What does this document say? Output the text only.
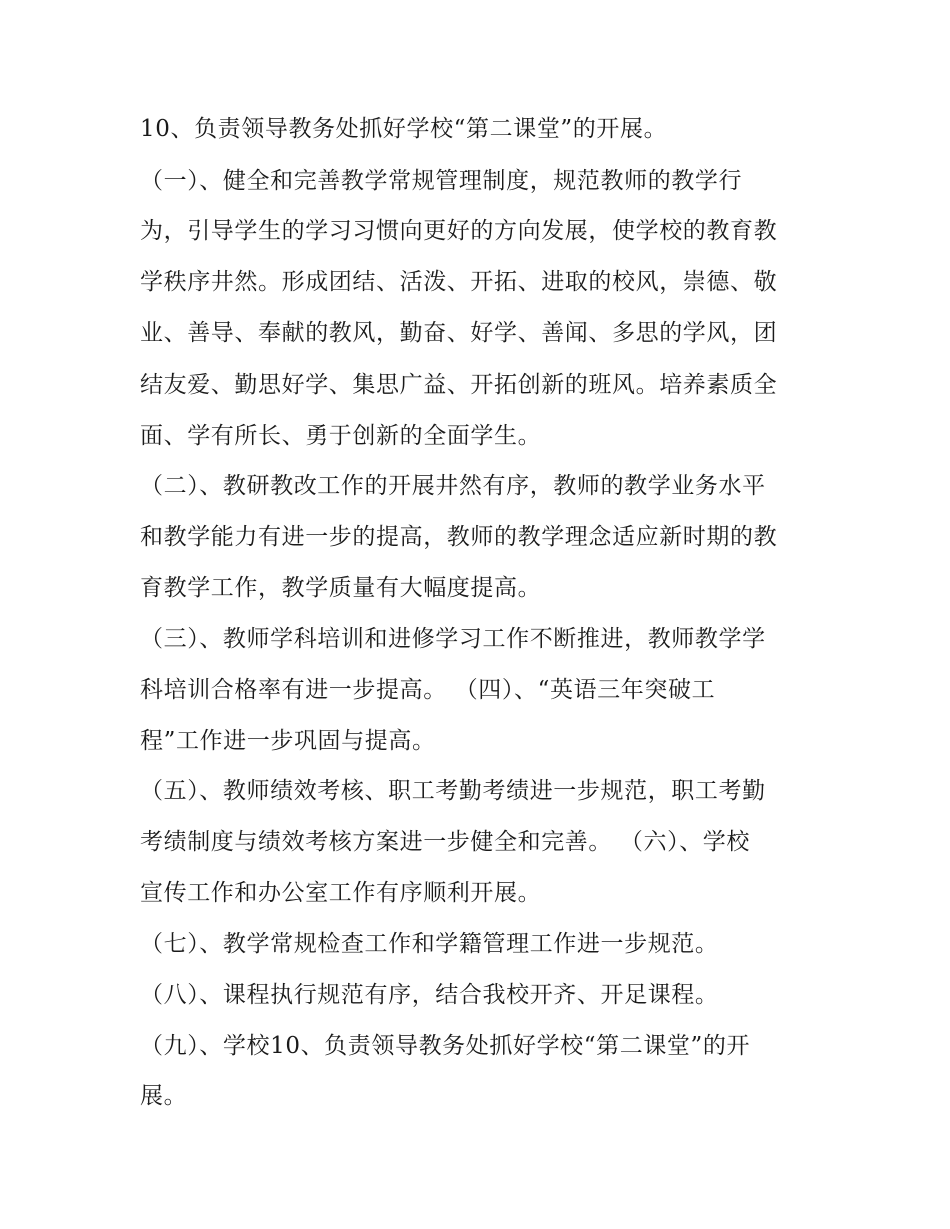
10、负责领导教务处抓好学校“第二课堂”的开展。
（一）、健全和完善教学常规管理制度，规范教师的教学行
为，引导学生的学习习惯向更好的方向发展，使学校的教育教
学秩序井然。形成团结、活泼、开拓、进取的校风，崇德、敬
业、善导、奉献的教风，勤奋、好学、善闻、多思的学风，团
结友爱、勤思好学、集思广益、开拓创新的班风。培养素质全
面、学有所长、勇于创新的全面学生。
（二）、教研教改工作的开展井然有序，教师的教学业务水平
和教学能力有进一步的提高，教师的教学理念适应新时期的教
育教学工作，教学质量有大幅度提高。
（三）、教师学科培训和进修学习工作不断推进，教师教学学
科培训合格率有进一步提高。 （四）、“英语三年突破工
程”工作进一步巩固与提高。
（五）、教师绩效考核、职工考勤考绩进一步规范，职工考勤
考绩制度与绩效考核方案进一步健全和完善。 （六）、学校
宣传工作和办公室工作有序顺利开展。
（七）、教学常规检查工作和学籍管理工作进一步规范。
（八）、课程执行规范有序，结合我校开齐、开足课程。
（九）、学校10、负责领导教务处抓好学校“第二课堂”的开
展。
